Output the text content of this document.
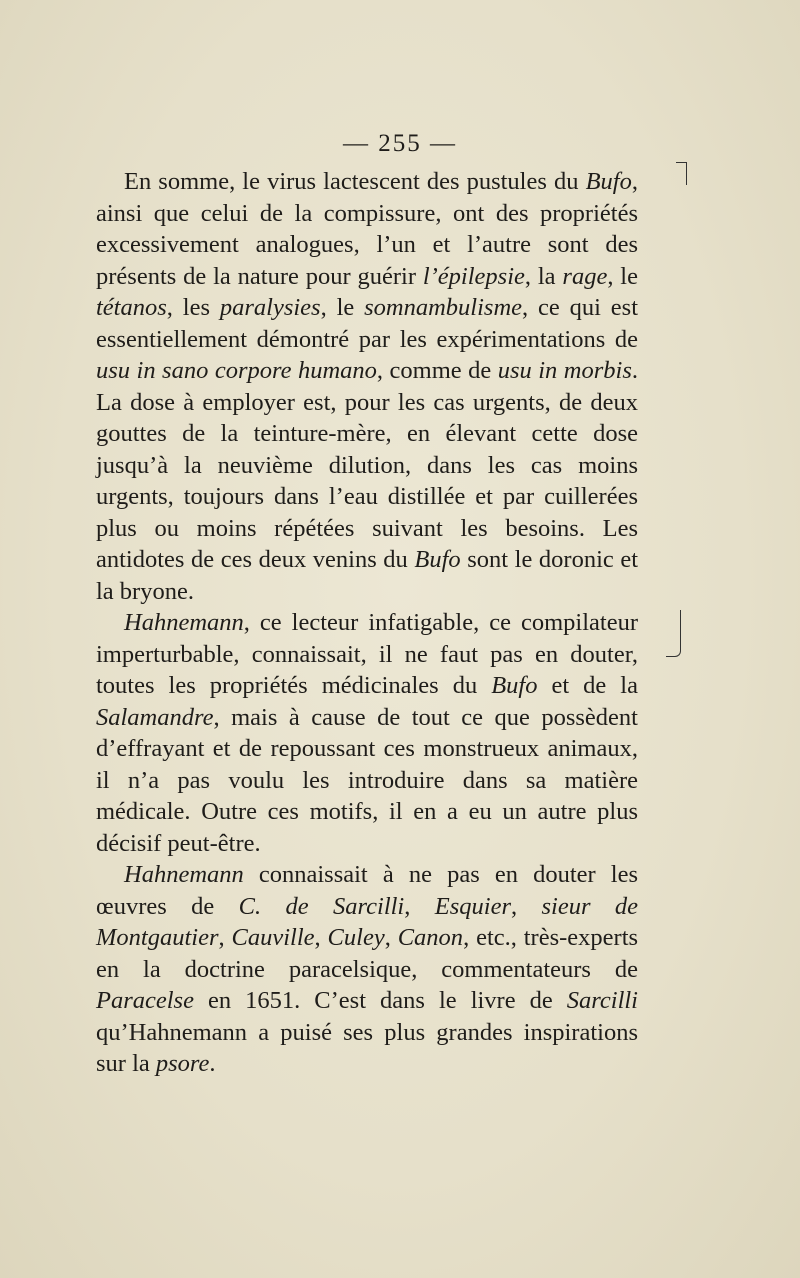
— 255 —

En somme, le virus lactescent des pustules du Bufo, ainsi que celui de la compissure, ont des propriétés excessivement analogues, l’un et l’autre sont des présents de la nature pour guérir l’épilepsie, la rage, le tétanos, les paralysies, le somnambulisme, ce qui est essentiellement démontré par les expérimentations de usu in sano corpore humano, comme de usu in morbis. La dose à employer est, pour les cas urgents, de deux gouttes de la teinture-mère, en élevant cette dose jusqu’à la neuvième dilution, dans les cas moins urgents, toujours dans l’eau distillée et par cuillerées plus ou moins répétées suivant les besoins. Les antidotes de ces deux venins du Bufo sont le doronic et la bryone.

Hahnemann, ce lecteur infatigable, ce compilateur imperturbable, connaissait, il ne faut pas en douter, toutes les propriétés médicinales du Bufo et de la Salamandre, mais à cause de tout ce que possèdent d’effrayant et de repoussant ces monstrueux animaux, il n’a pas voulu les introduire dans sa matière médicale. Outre ces motifs, il en a eu un autre plus décisif peut-être.

Hahnemann connaissait à ne pas en douter les œuvres de C. de Sarcilli, Esquier, sieur de Montgautier, Cauville, Culey, Canon, etc., très-experts en la doctrine paracelsique, commentateurs de Paracelse en 1651. C’est dans le livre de Sarcilli qu’Hahnemann a puisé ses plus grandes inspirations sur la psore.
